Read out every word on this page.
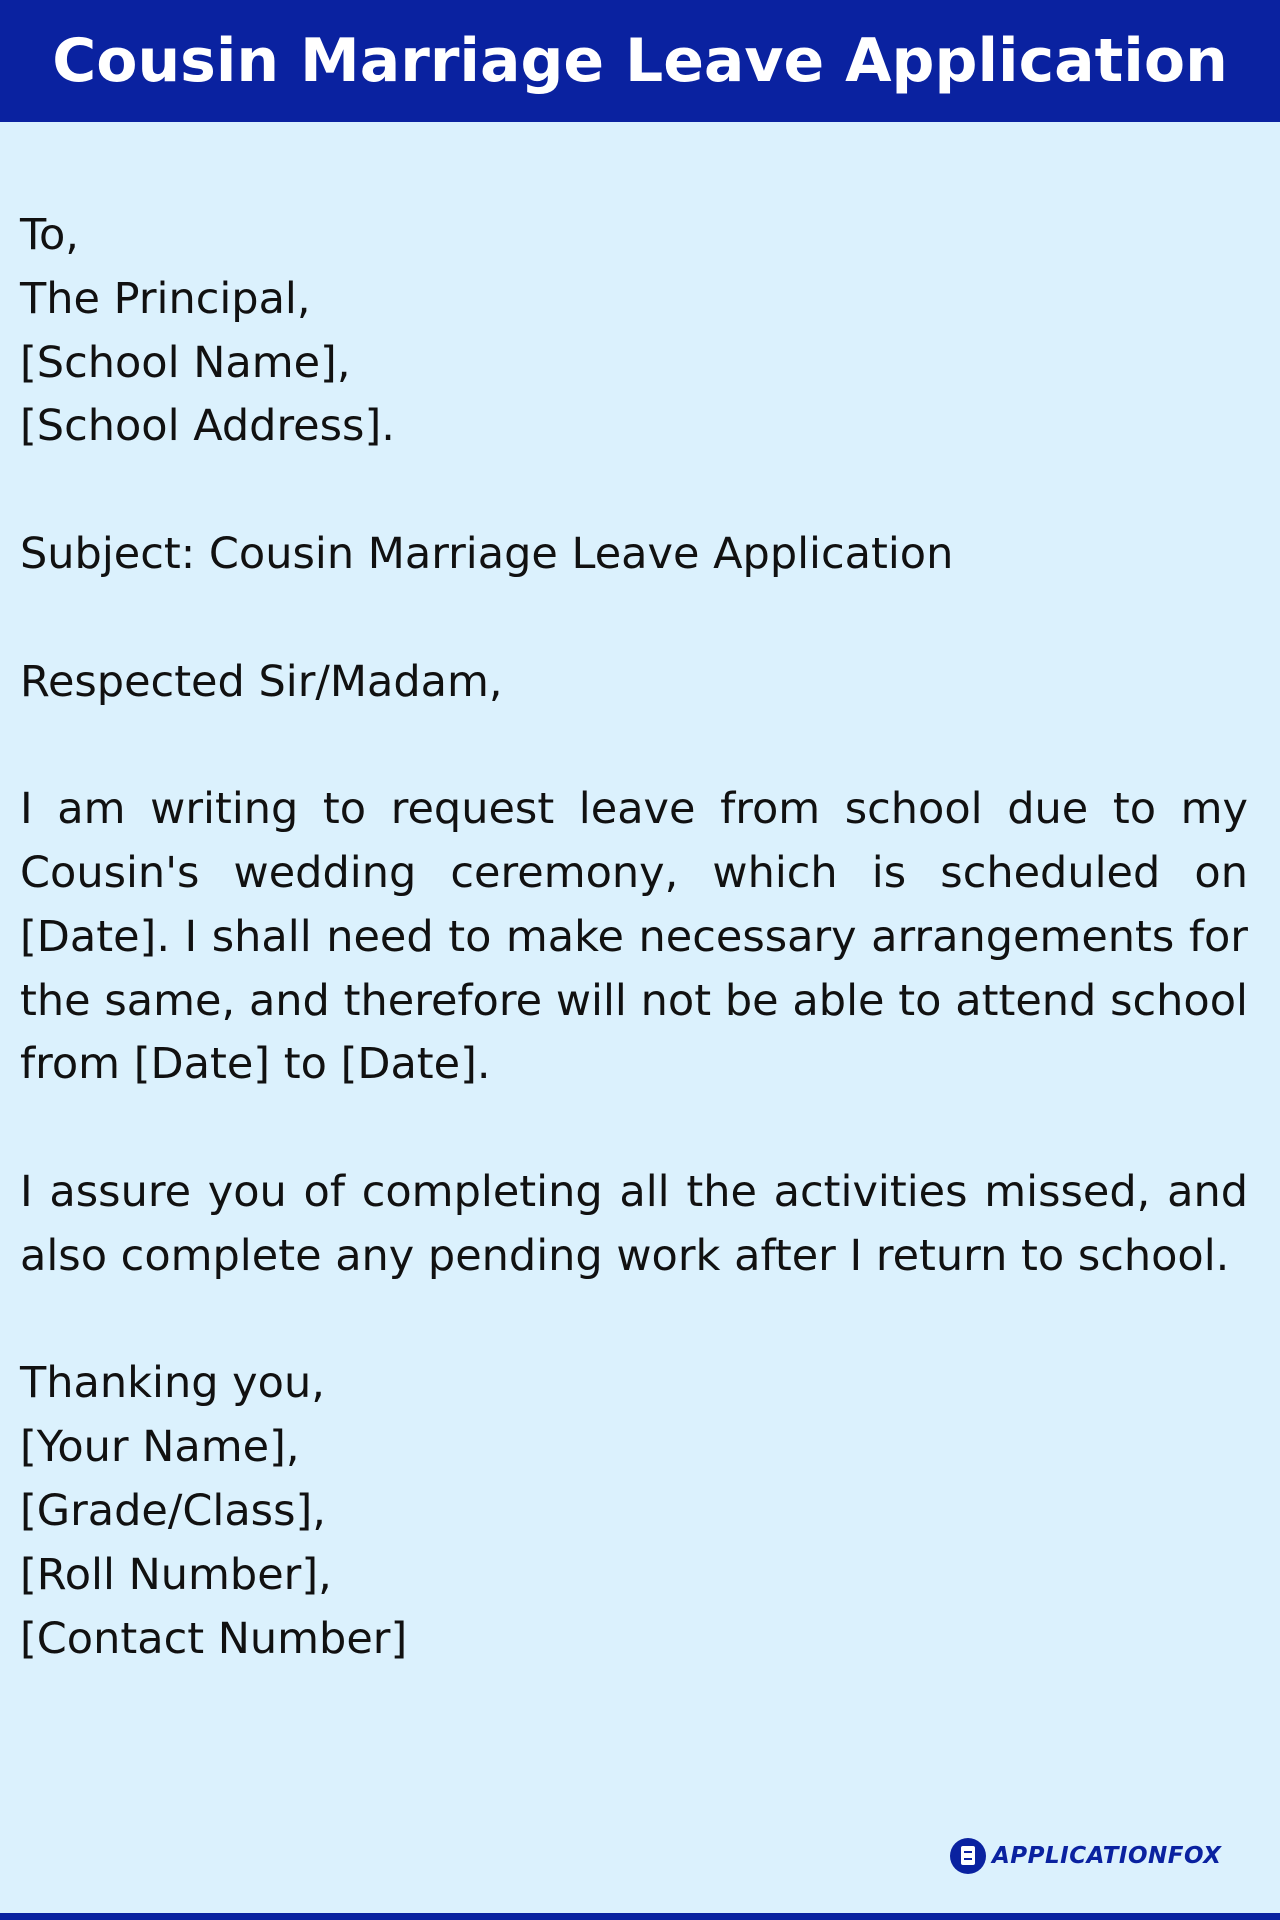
Cousin Marriage Leave Application
To,
The Principal,
[School Name],
[School Address].
Subject: Cousin Marriage Leave Application
Respected Sir/Madam,

I am writing to request leave from school due to my Cousin's wedding ceremony, which is scheduled on [Date]. I shall need to make necessary arrangements for the same, and therefore will not be able to attend school from [Date] to [Date].

I assure you of completing all the activities missed, and also complete any pending work after I return to school.

Thanking you,
[Your Name],
[Grade/Class],
[Roll Number],
[Contact Number]
APPLICATIONFOX
